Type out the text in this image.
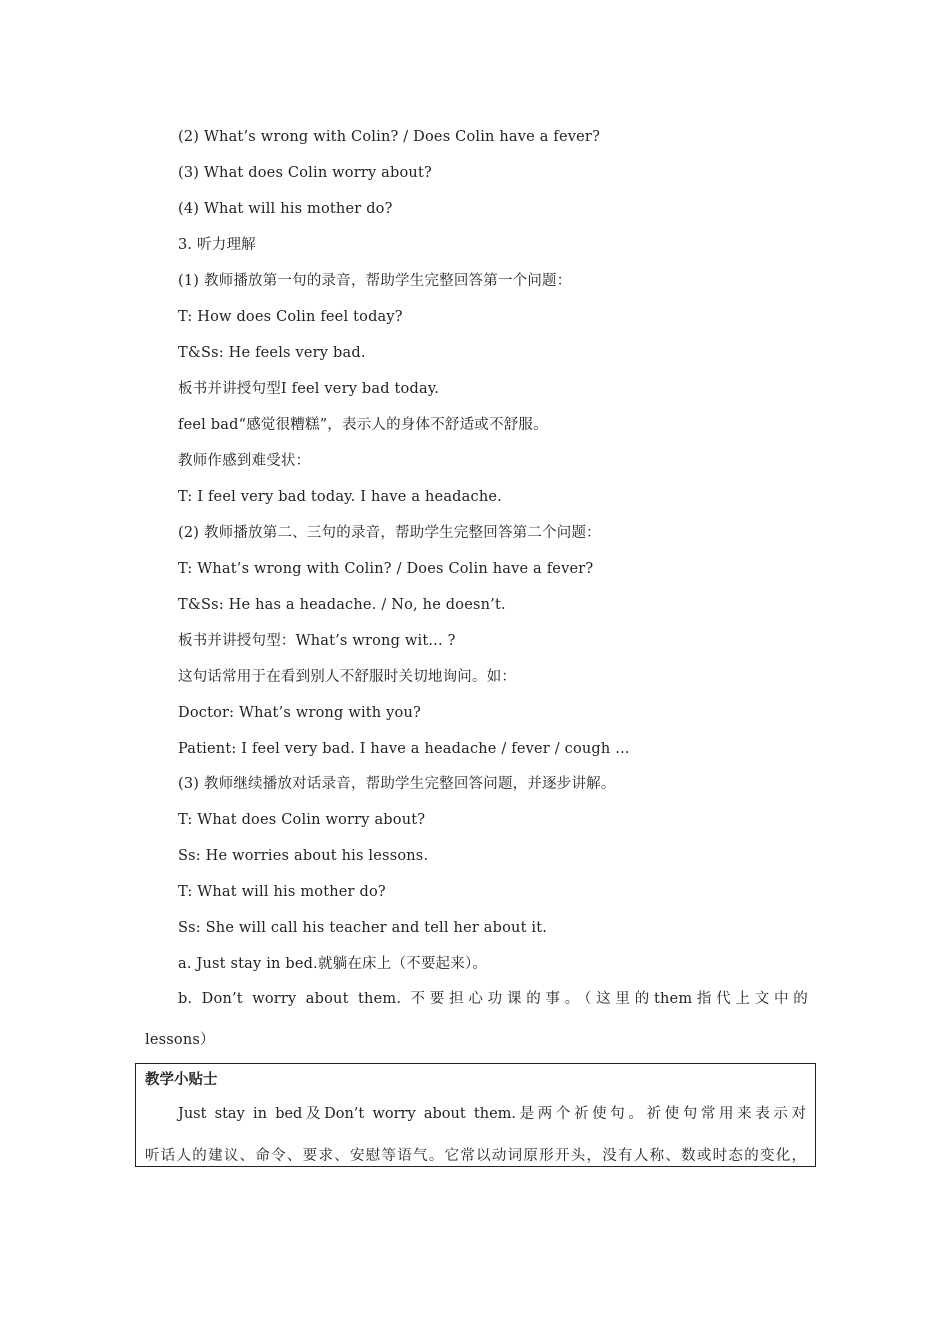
(2) What’s wrong with Colin? / Does Colin have a fever?
(3) What does Colin worry about?
(4) What will his mother do?
3. 听力理解
(1) 教师播放第一句的录音，帮助学生完整回答第一个问题：
T: How does Colin feel today?
T&Ss: He feels very bad.
板书并讲授句型I feel very bad today.
feel bad“感觉很糟糕”，表示人的身体不舒适或不舒服。
教师作感到难受状：
T: I feel very bad today. I have a headache.
(2) 教师播放第二、三句的录音，帮助学生完整回答第二个问题：
T: What’s wrong with Colin? / Does Colin have a fever?
T&Ss: He has a headache. / No, he doesn’t.
板书并讲授句型：What’s wrong wit... ?
这句话常用于在看到别人不舒服时关切地询问。如：
Doctor: What’s wrong with you?
Patient: I feel very bad. I have a headache / fever / cough ...
(3) 教师继续播放对话录音，帮助学生完整回答问题，并逐步讲解。
T: What does Colin worry about?
Ss: He worries about his lessons.
T: What will his mother do?
Ss: She will call his teacher and tell her about it.
a. Just stay in bed.就躺在床上（不要起来）。
b. Don’t worry about them. 不要担心功课的事。（这里的them指代上文中的
lessons）
教学小贴士
Just stay in bed及Don’t worry about them.是两个祈使句。祈使句常用来表示对
听话人的建议、命令、要求、安慰等语气。它常以动词原形开头，没有人称、数或时态的变化，
